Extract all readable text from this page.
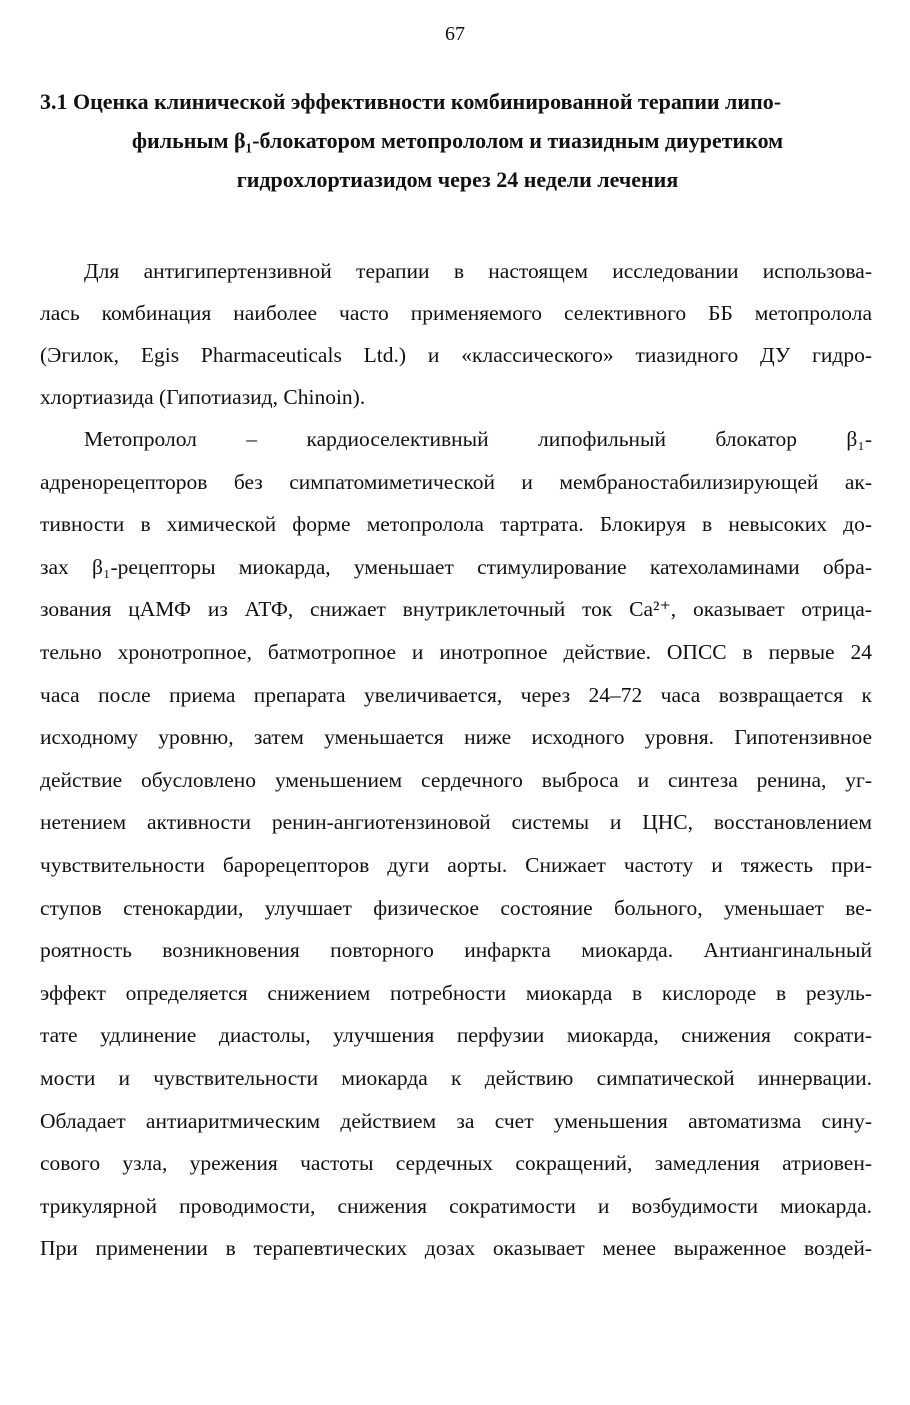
67
3.1 Оценка клинической эффективности комбинированной терапии липо-
фильным β₁-блокатором метопрололом и тиазидным диуретиком
гидрохлортиазидом через 24 недели лечения
Для антигипертензивной терапии в настоящем исследовании использова-
лась комбинация наиболее часто применяемого селективного ББ метопролола
(Эгилок, Egis Pharmaceuticals Ltd.) и «классического» тиазидного ДУ гидро-
хлортиазида (Гипотиазид, Chinoin).
Метопролол – кардиоселективный липофильный блокатор β₁-
адренорецепторов без симпатомиметической и мембраностабилизирующей ак-
тивности в химической форме метопролола тартрата. Блокируя в невысоких до-
зах β₁-рецепторы миокарда, уменьшает стимулирование катехоламинами обра-
зования цАМФ из АТФ, снижает внутриклеточный ток Ca²⁺, оказывает отрица-
тельно хронотропное, батмотропное и инотропное действие. ОПСС в первые 24
часа после приема препарата увеличивается, через 24–72 часа возвращается к
исходному уровню, затем уменьшается ниже исходного уровня. Гипотензивное
действие обусловлено уменьшением сердечного выброса и синтеза ренина, уг-
нетением активности ренин-ангиотензиновой системы и ЦНС, восстановлением
чувствительности барорецепторов дуги аорты. Снижает частоту и тяжесть при-
ступов стенокардии, улучшает физическое состояние больного, уменьшает ве-
роятность возникновения повторного инфаркта миокарда. Антиангинальный
эффект определяется снижением потребности миокарда в кислороде в резуль-
тате удлинение диастолы, улучшения перфузии миокарда, снижения сократи-
мости и чувствительности миокарда к действию симпатической иннервации.
Обладает антиаритмическим действием за счет уменьшения автоматизма сину-
сового узла, урежения частоты сердечных сокращений, замедления атриовен-
трикулярной проводимости, снижения сократимости и возбудимости миокарда.
При применении в терапевтических дозах оказывает менее выраженное воздей-
